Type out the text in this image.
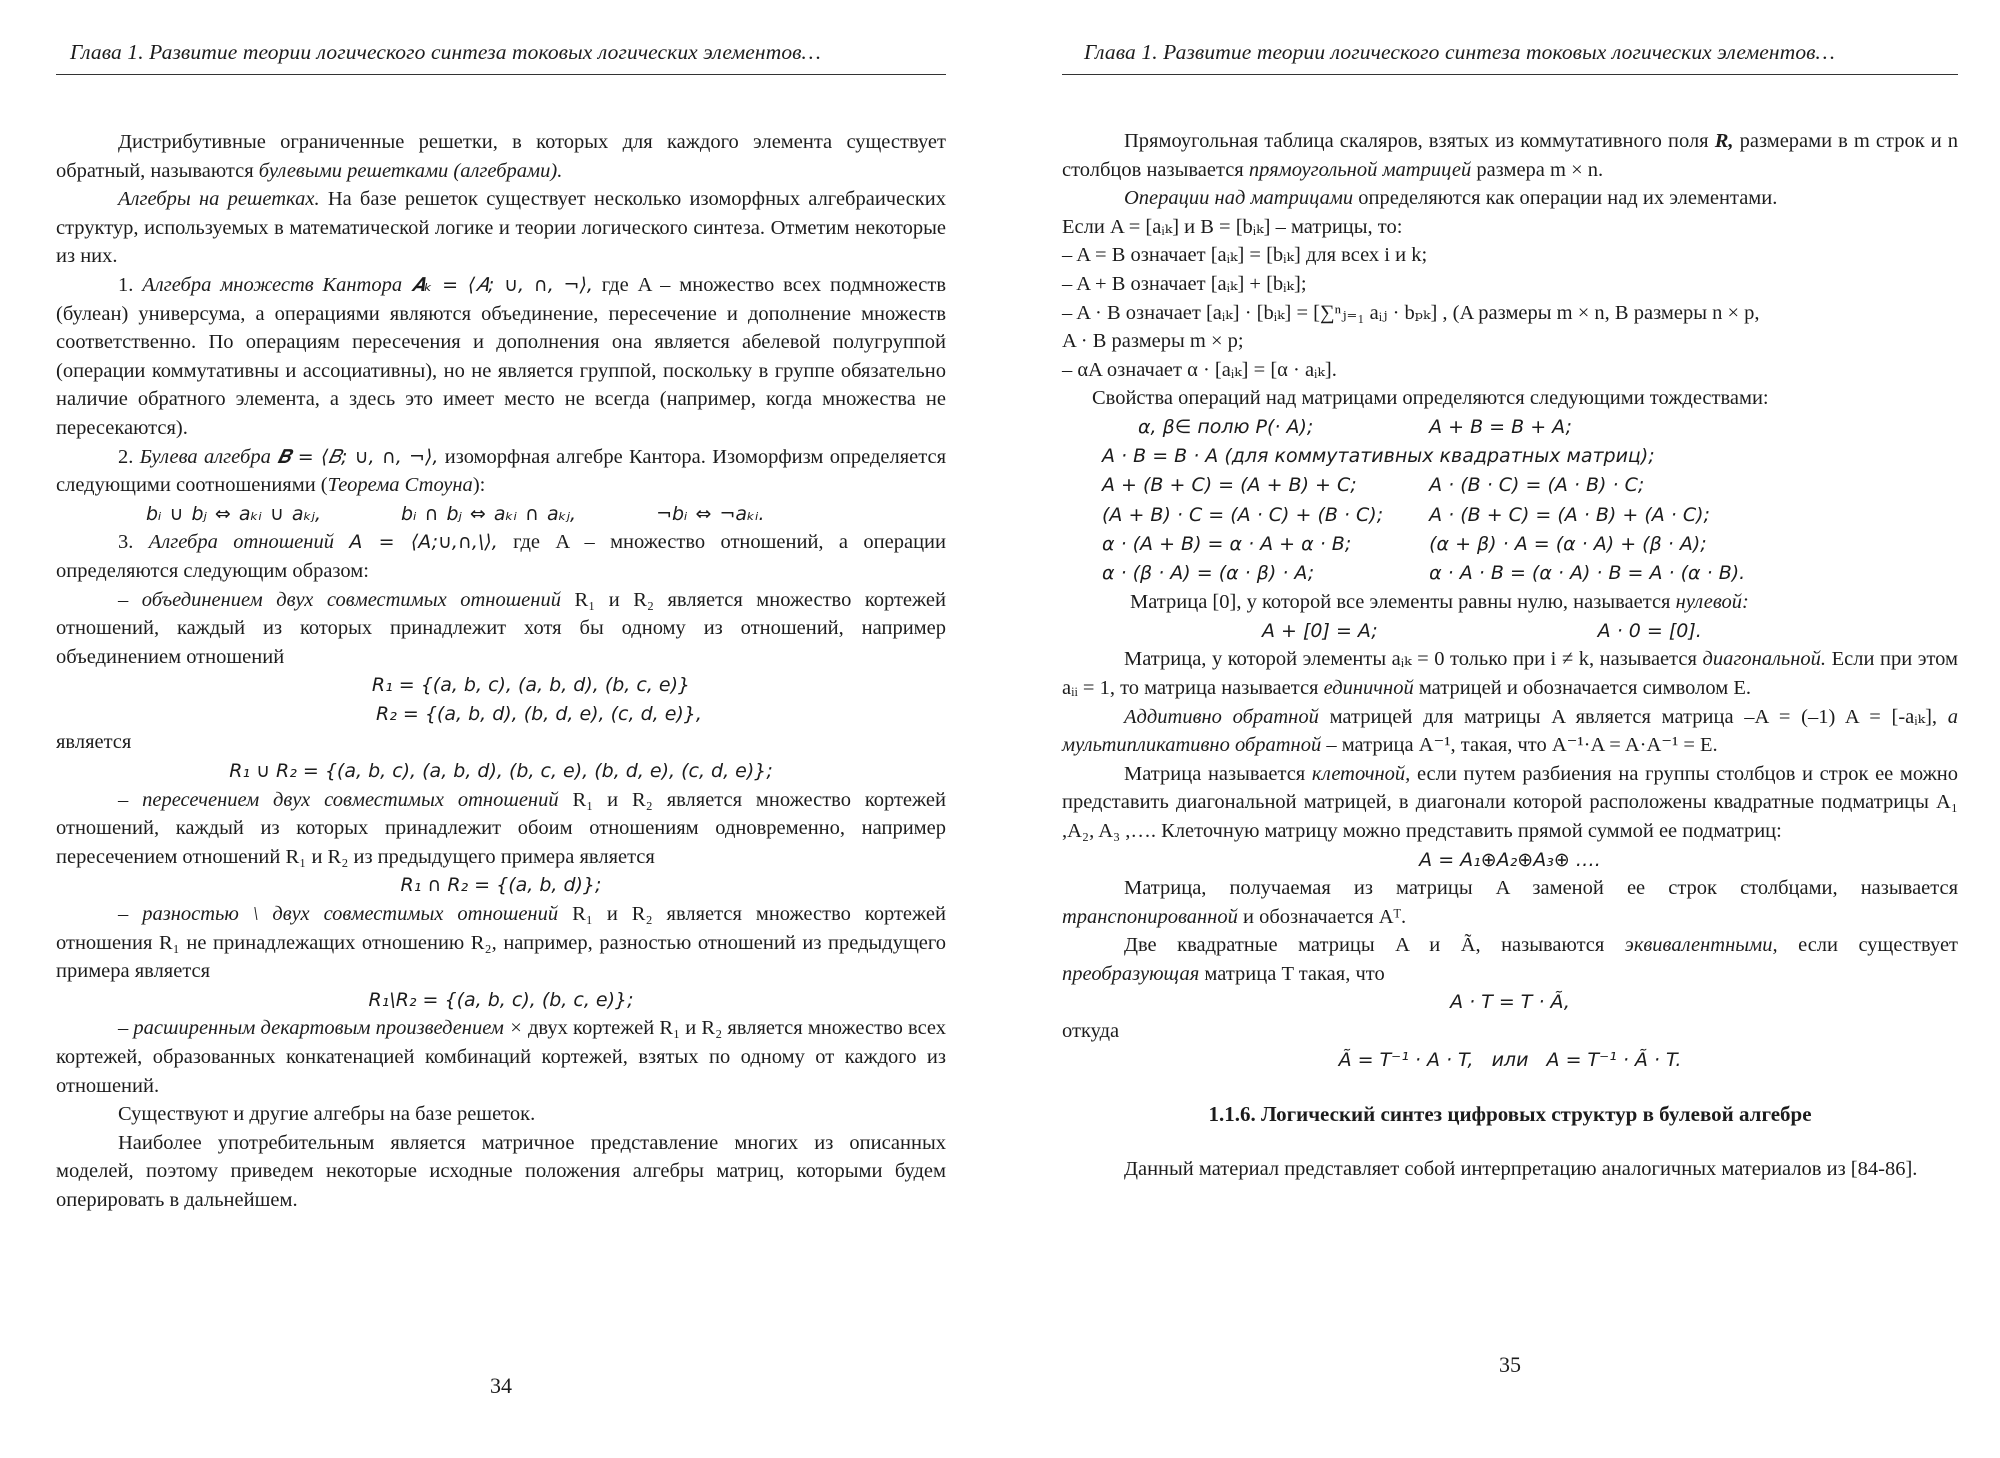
Глава 1. Развитие теории логического синтеза токовых логических элементов…

Дистрибутивные ограниченные решетки, в которых для каждого элемента существует обратный, называются булевыми решетками (алгебрами).

Алгебры на решетках. На базе решеток существует несколько изоморфных алгебраических структур, используемых в математической логике и теории логического синтеза. Отметим некоторые из них.

1. Алгебра множеств Кантора 𝑨ₖ = ⟨𝐴; ∪, ∩, ¬⟩, где A – множество всех подмножеств (булеан) универсума, а операциями являются объединение, пересечение и дополнение множеств соответственно. По операциям пересечения и дополнения она является абелевой полугруппой (операции коммутативны и ассоциативны), но не является группой, поскольку в группе обязательно наличие обратного элемента, а здесь это имеет место не всегда (например, когда множества не пересекаются).

2. Булева алгебра 𝑩 = ⟨𝐵; ∪, ∩, ¬⟩, изоморфная алгебре Кантора. Изоморфизм определяется следующими соотношениями (Теорема Стоуна):

bᵢ ∪ bⱼ ⇔ aₖᵢ ∪ aₖⱼ,	bᵢ ∩ bⱼ ⇔ aₖᵢ ∩ aₖⱼ,	¬bᵢ ⇔ ¬aₖᵢ.

3. Алгебра отношений A = ⟨A;∪,∩,\⟩, где A – множество отношений, а операции определяются следующим образом:

– объединением двух совместимых отношений R₁ и R₂ является множество кортежей отношений, каждый из которых принадлежит хотя бы одному из отношений, например объединением отношений

R₁ = {(a, b, c), (a, b, d), (b, c, e)}

R₂ = {(a, b, d), (b, d, e), (c, d, e)},

является

R₁ ∪ R₂ = {(a, b, c), (a, b, d), (b, c, e), (b, d, e), (c, d, e)};

– пересечением двух совместимых отношений R₁ и R₂ является множество кортежей отношений, каждый из которых принадлежит обоим отношениям одновременно, например пересечением отношений R₁ и R₂ из предыдущего примера является

R₁ ∩ R₂ = {(a, b, d)};

– разностью \ двух совместимых отношений R₁ и R₂ является множество кортежей отношения R₁ не принадлежащих отношению R₂, например, разностью отношений из предыдущего примера является

R₁\R₂ = {(a, b, c), (b, c, e)};

– расширенным декартовым произведением × двух кортежей R₁ и R₂ является множество всех кортежей, образованных конкатенацией комбинаций кортежей, взятых по одному от каждого из отношений.

Существуют и другие алгебры на базе решеток.

Наиболее употребительным является матричное представление многих из описанных моделей, поэтому приведем некоторые исходные положения алгебры матриц, которыми будем оперировать в дальнейшем.

34
Глава 1. Развитие теории логического синтеза токовых логических элементов…

Прямоугольная таблица скаляров, взятых из коммутативного поля R, размерами в m строк и n столбцов называется прямоугольной матрицей размера m × n.

Операции над матрицами определяются как операции над их элементами.

Если A = [aᵢₖ] и B = [bᵢₖ] – матрицы, то:

– A = B означает [aᵢₖ] = [bᵢₖ] для всех i и k;

– A + B означает [aᵢₖ] + [bᵢₖ];

– A · B означает [aᵢₖ] · [bᵢₖ] = [∑ⁿⱼ₌₁ aᵢⱼ · bₚₖ] , (A размеры m × n, B размеры n × p,

A · B размеры m × p;

– αA означает α · [aᵢₖ] = [α · aᵢₖ].

Свойства операций над матрицами определяются следующими тождествами:

α, β∈ полю P(· A);	A + B = B + A;
A · B = B · A (для коммутативных квадратных матриц);	
A + (B + C) = (A + B) + C;	A · (B · C) = (A · B) · C;
(A + B) · C = (A · C) + (B · C);	A · (B + C) = (A · B) + (A · C);
α · (A + B) = α · A + α · B;	(α + β) · A = (α · A) + (β · A);
α · (β · A) = (α · β) · A;	α · A · B = (α · A) · B = A · (α · B).

Матрица [0], у которой все элементы равны нулю, называется нулевой:

A + [0] = A;	A · 0 = [0].

Матрица, у которой элементы aᵢₖ = 0 только при i ≠ k, называется диагональной. Если при этом aᵢᵢ = 1, то матрица называется единичной матрицей и обозначается символом E.

Аддитивно обратной матрицей для матрицы A является матрица –A = (–1) A = [-aᵢₖ], а мультипликативно обратной – матрица A⁻¹, такая, что A⁻¹·A = A·A⁻¹ = E.

Матрица называется клеточной, если путем разбиения на группы столбцов и строк ее можно представить диагональной матрицей, в диагонали которой расположены квадратные подматрицы A₁ ,A₂, A₃ ,…. Клеточную матрицу можно представить прямой суммой ее подматриц:

A = A₁⊕A₂⊕A₃⊕ ….

Матрица, получаемая из матрицы A заменой ее строк столбцами, называется транспонированной и обозначается Aᵀ.

Две квадратные матрицы A и Ã, называются эквивалентными, если существует преобразующая матрица T такая, что

A · T = T · Ã,

откуда

Ã = T⁻¹ · A · T,   или   A = T⁻¹ · Ã · T.

1.1.6. Логический синтез цифровых структур в булевой алгебре

Данный материал представляет собой интерпретацию аналогичных материалов из [84-86].

35
